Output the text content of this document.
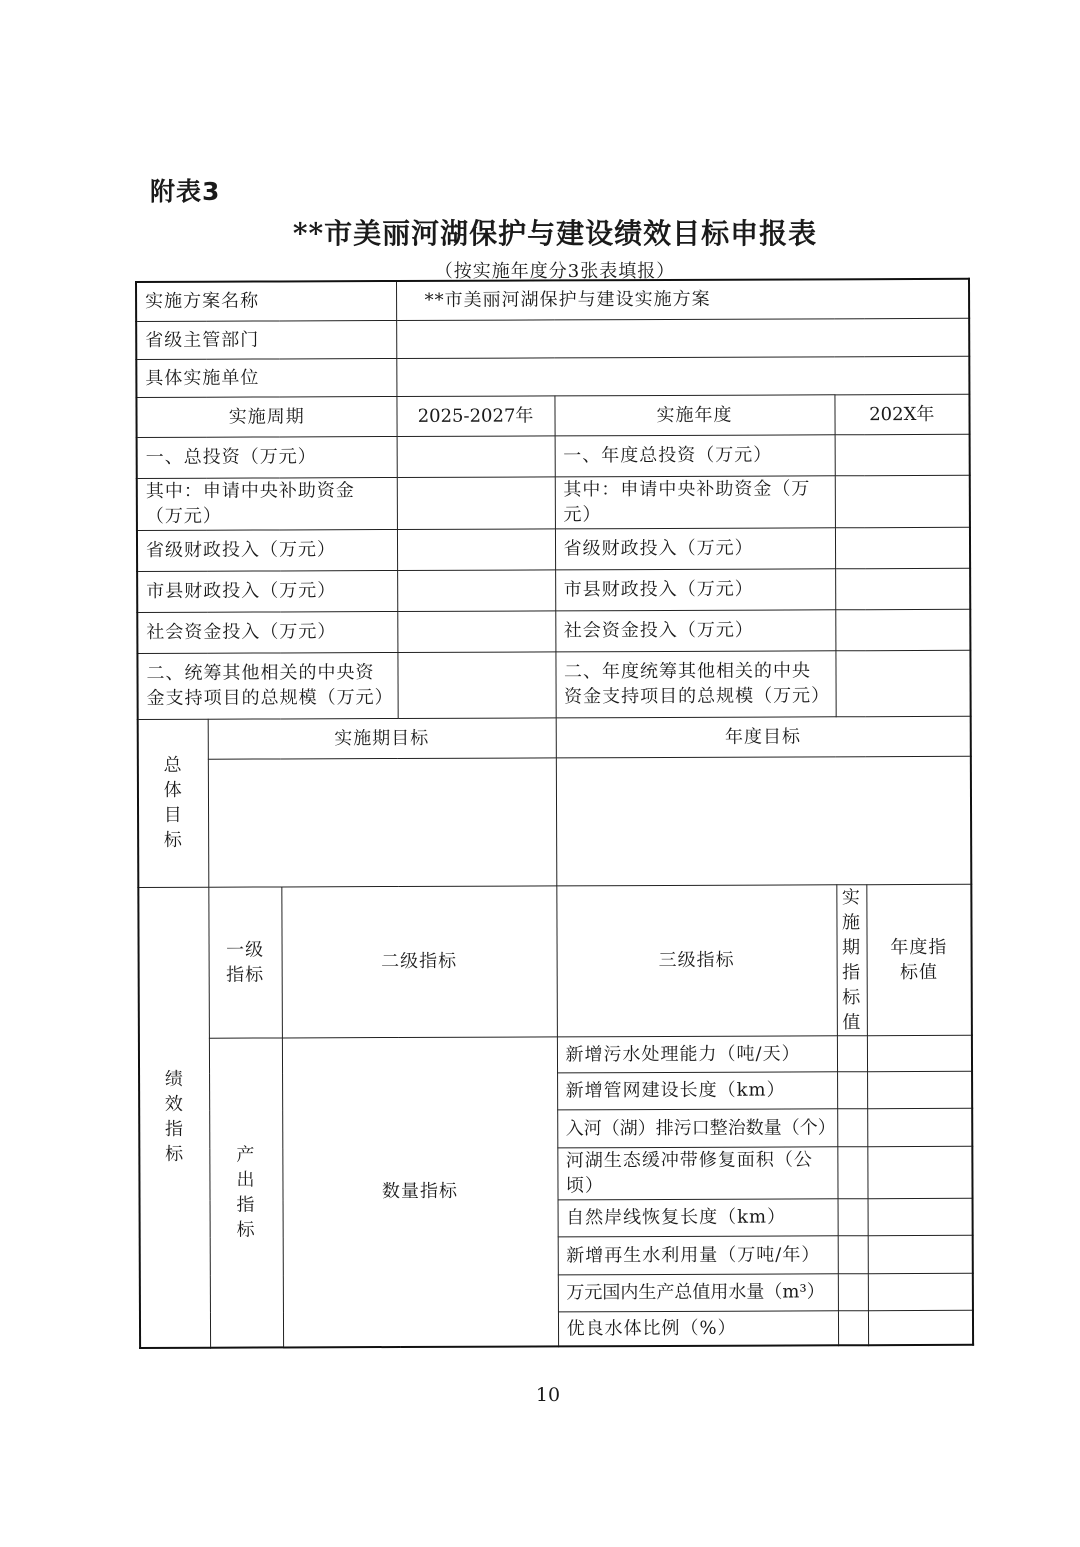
附表3
**市美丽河湖保护与建设绩效目标申报表
（按实施年度分3张表填报）
实施方案名称			**市美丽河湖保护与建设实施方案			
省级主管部门						
具体实施单位						
实施周期			2025-2027年	实施年度	202X年	
一、总投资（万元）				一、年度总投资（万元）		
其中：申请中央补助资金（万元）				其中：申请中央补助资金（万元）		
省级财政投入（万元）				省级财政投入（万元）		
市县财政投入（万元）				市县财政投入（万元）		
社会资金投入（万元）				社会资金投入（万元）		
二、统筹其他相关的中央资金支持项目的总规模（万元）				二、年度统筹其他相关的中央资金支持项目的总规模（万元）		

总体目标	实施期目标			年度目标		

绩效指标	一级指标	二级指标		三级指标	实施期指标值	年度指标值

	产出指标	数量指标		新增污水处理能力（吨/天）		
				新增管网建设长度（km）		
				入河（湖）排污口整治数量（个）		
				河湖生态缓冲带修复面积（公顷）		
				自然岸线恢复长度（km）		
				新增再生水利用量（万吨/年）		
				万元国内生产总值用水量（m³）		
				优良水体比例（%）		
10
